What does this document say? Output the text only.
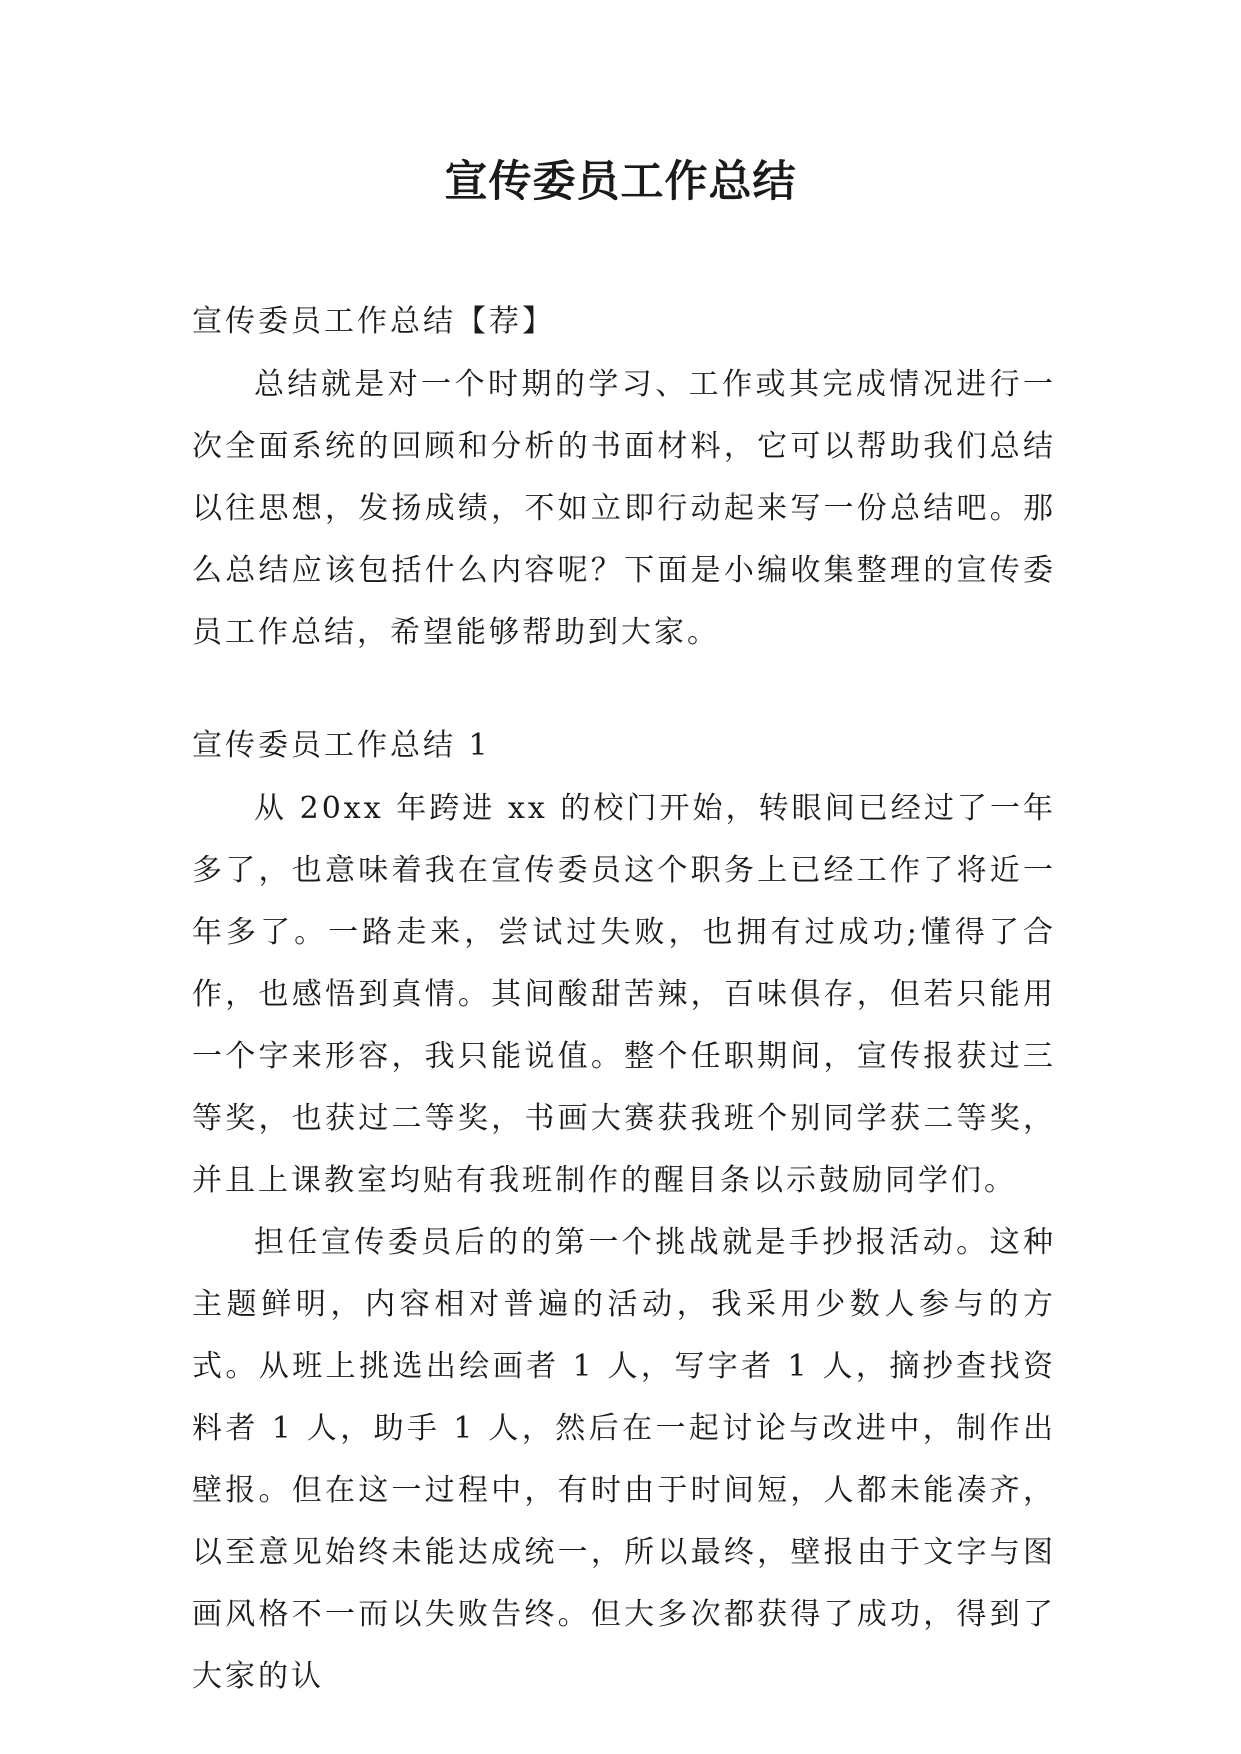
宣传委员工作总结

宣传委员工作总结【荐】

总结就是对一个时期的学习、工作或其完成情况进行一次全面系统的回顾和分析的书面材料，它可以帮助我们总结以往思想，发扬成绩，不如立即行动起来写一份总结吧。那么总结应该包括什么内容呢？下面是小编收集整理的宣传委员工作总结，希望能够帮助到大家。

宣传委员工作总结 1

从 20xx 年跨进 xx 的校门开始，转眼间已经过了一年多了，也意味着我在宣传委员这个职务上已经工作了将近一年多了。一路走来，尝试过失败，也拥有过成功;懂得了合作，也感悟到真情。其间酸甜苦辣，百味俱存，但若只能用一个字来形容，我只能说值。整个任职期间，宣传报获过三等奖，也获过二等奖，书画大赛获我班个别同学获二等奖，并且上课教室均贴有我班制作的醒目条以示鼓励同学们。

担任宣传委员后的的第一个挑战就是手抄报活动。这种主题鲜明，内容相对普遍的活动，我采用少数人参与的方式。从班上挑选出绘画者 1 人，写字者 1 人，摘抄查找资料者 1 人，助手 1 人，然后在一起讨论与改进中，制作出壁报。但在这一过程中，有时由于时间短，人都未能凑齐，以至意见始终未能达成统一，所以最终，壁报由于文字与图画风格不一而以失败告终。但大多次都获得了成功，得到了大家的认
